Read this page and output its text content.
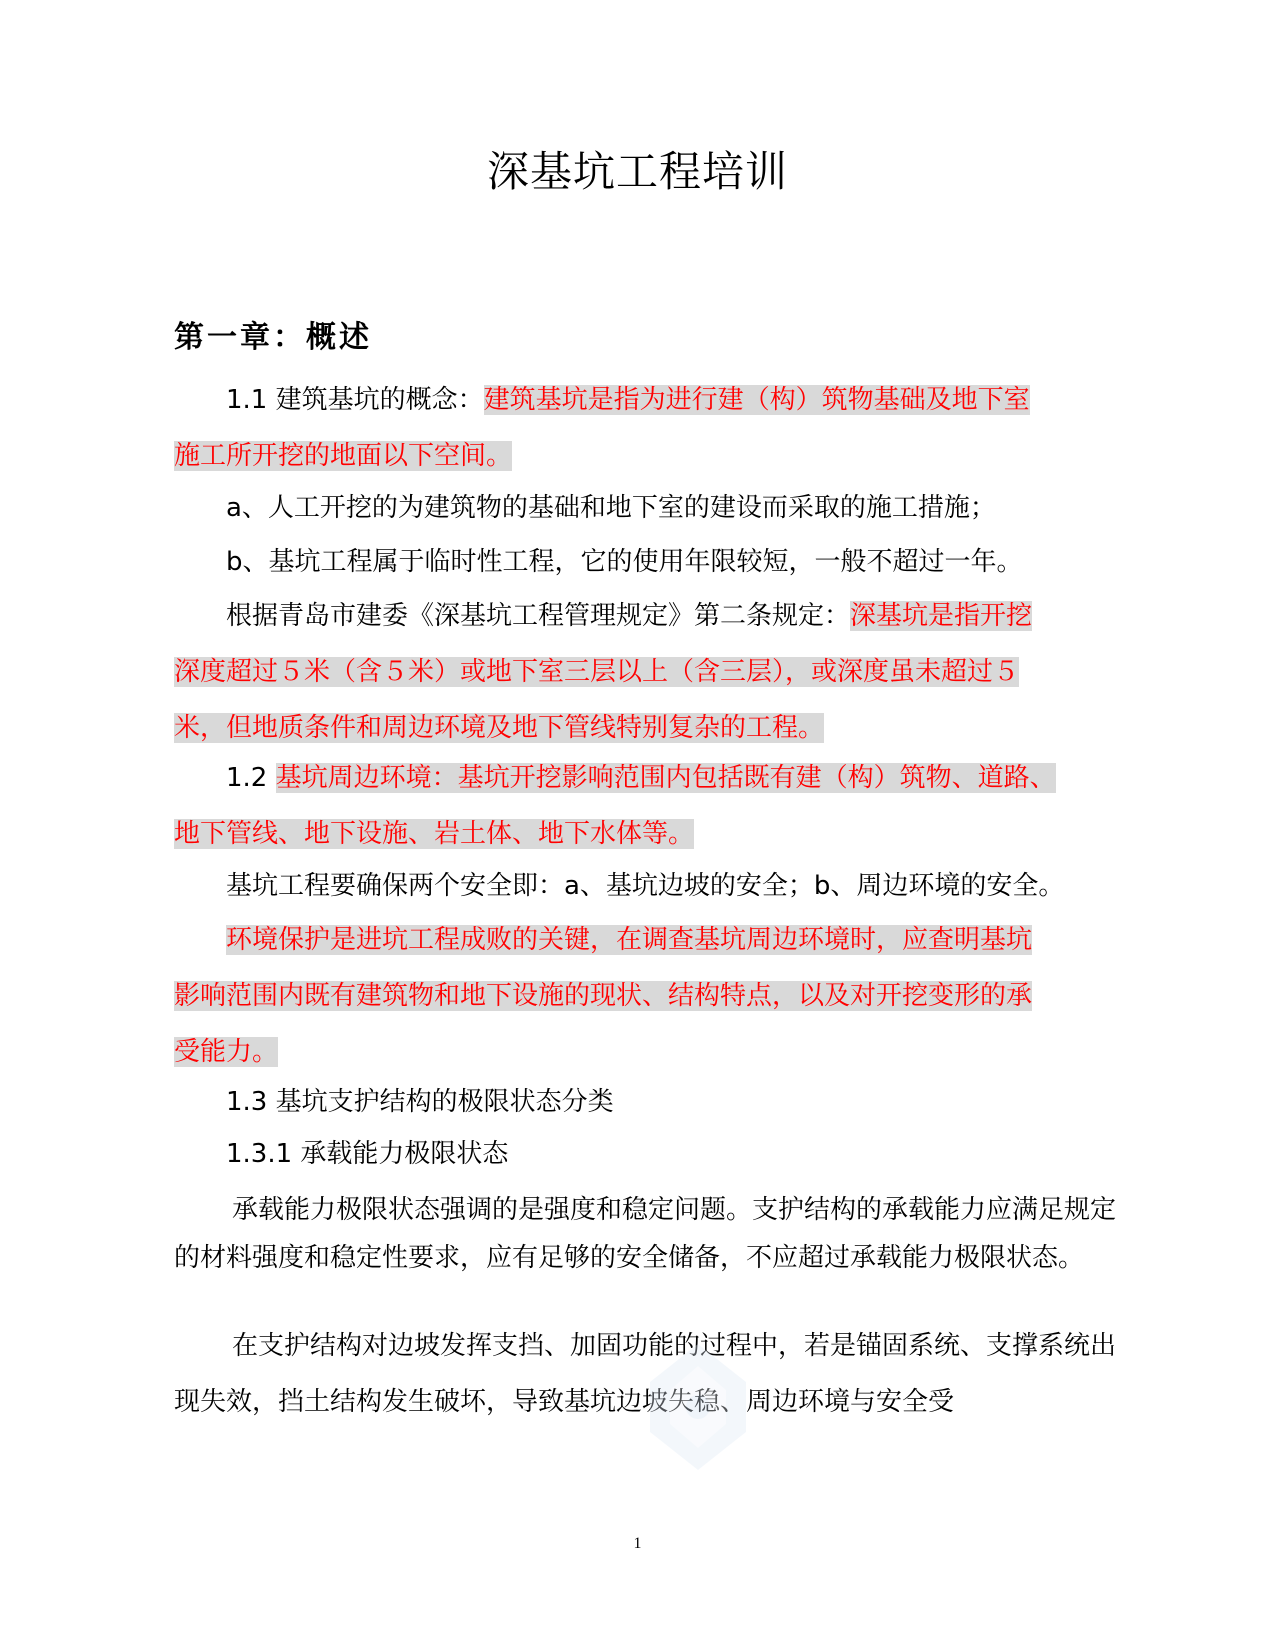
深基坑工程培训
第一章：概述
1.1 建筑基坑的概念：建筑基坑是指为进行建（构）筑物基础及地下室
施工所开挖的地面以下空间。
a、人工开挖的为建筑物的基础和地下室的建设而采取的施工措施；
b、基坑工程属于临时性工程，它的使用年限较短，一般不超过一年。
根据青岛市建委《深基坑工程管理规定》第二条规定：深基坑是指开挖
深度超过５米（含５米）或地下室三层以上（含三层），或深度虽未超过５
米，但地质条件和周边环境及地下管线特别复杂的工程。
1.2 基坑周边环境：基坑开挖影响范围内包括既有建（构）筑物、道路、
地下管线、地下设施、岩土体、地下水体等。
基坑工程要确保两个安全即：a、基坑边坡的安全；b、周边环境的安全。
环境保护是进坑工程成败的关键，在调查基坑周边环境时，应查明基坑
影响范围内既有建筑物和地下设施的现状、结构特点，以及对开挖变形的承
受能力。
1.3 基坑支护结构的极限状态分类
1.3.1 承载能力极限状态

承载能力极限状态强调的是强度和稳定问题。支护结构的承载能力应满足规定的材料强度和稳定性要求，应有足够的安全储备，不应超过承载能力极限状态。

在支护结构对边坡发挥支挡、加固功能的过程中，若是锚固系统、支撑系统出现失效，挡土结构发生破坏，导致基坑边坡失稳、周边环境与安全受

1
